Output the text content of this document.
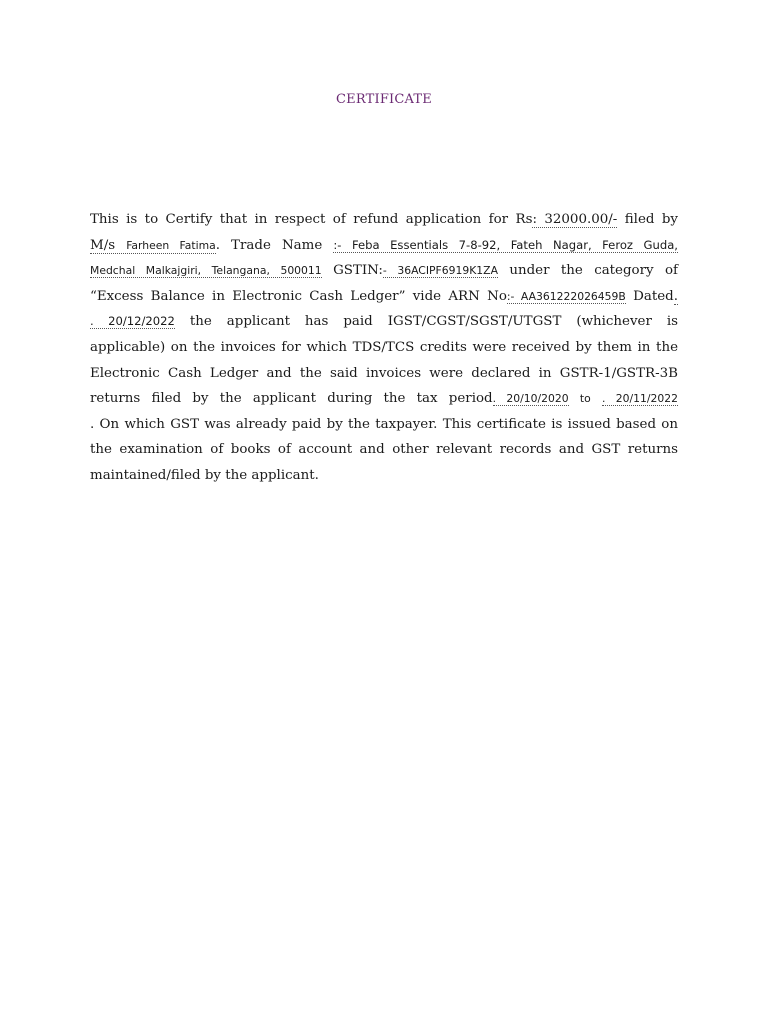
CERTIFICATE
This is to Certify that in respect of refund application for Rs: 32000.00/- filed by
M/s Farheen Fatima. Trade Name :- Feba Essentials 7-8-92, Fateh Nagar, Feroz Guda,
Medchal Malkajgiri, Telangana, 500011 GSTIN:- 36ACIPF6919K1ZA under the category of
“Excess Balance in Electronic Cash Ledger” vide ARN No:- AA361222026459B Dated.
. 20/12/2022 the applicant has paid IGST/CGST/SGST/UTGST (whichever is
applicable) on the invoices for which TDS/TCS credits were received by them in the
Electronic Cash Ledger and the said invoices were declared in GSTR-1/GSTR-3B
returns filed by the applicant during the tax period. 20/10/2020 to . 20/11/2022
. On which GST was already paid by the taxpayer. This certificate is issued based on
the examination of books of account and other relevant records and GST returns
maintained/filed by the applicant.
